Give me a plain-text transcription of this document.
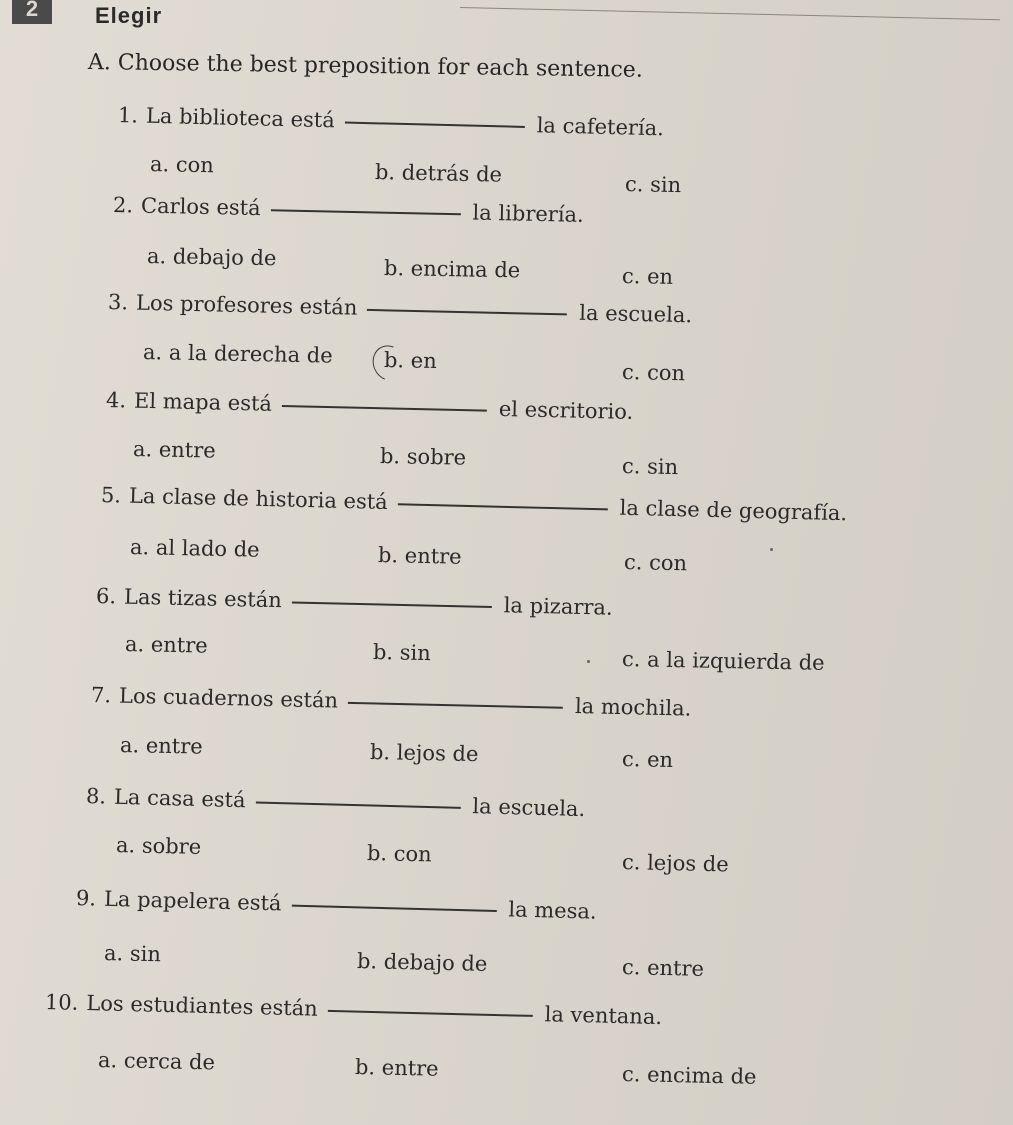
2	Elegir
A. Choose the best preposition for each sentence.
1. La biblioteca está	la cafetería.
a. con	b. detrás de	c. sin
2. Carlos está	la librería.
a. debajo de	b. encima de	c. en
3. Los profesores están	la escuela.
a. a la derecha de b. en	c. con
4. El mapa está	el escritorio.
a. entre	b. sobre	c. sin
5. La clase de historia está	la clase de geografía.
a. al lado de	b. entre	c. con
6. Las tizas están	la pizarra.
a. entre	b. sin	c. a la izquierda de
7. Los cuadernos están	la mochila.
a. entre	b. lejos de	c. en
8. La casa está	la escuela.
a. sobre	b. con	c. lejos de
9. La papelera está	la mesa.
a. sin	b. debajo de	c. entre
10. Los estudiantes están	la ventana.
a. cerca de	b. entre	c. encima de
